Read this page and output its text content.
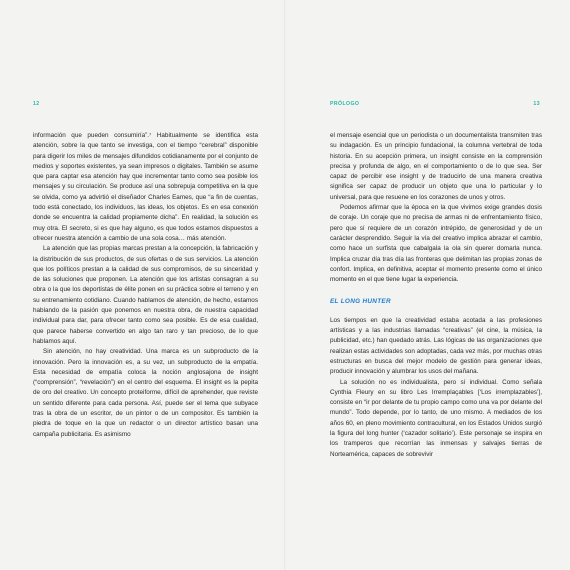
12

información que pueden consumiría”.⁷ Habitualmente se identifica esta atención, sobre la que tanto se investiga, con el tiempo “cerebral” disponible para digerir los miles de mensajes difundidos cotidianamente por el conjunto de medios y soportes existentes, ya sean impresos o digitales. También se asume que para captar esa atención hay que incrementar tanto como sea posible los mensajes y su circulación. Se produce así una sobrepuja competitiva en la que se olvida, como ya advirtió el diseñador Charles Eames, que “a fin de cuentas, todo está conectado, los individuos, las ideas, los objetos. Es en esa conexión donde se encuentra la calidad propiamente dicha”. En realidad, la solución es muy otra. El secreto, si es que hay alguno, es que todos estamos dispuestos a ofrecer nuestra atención a cambio de una sola cosa… más atención.

La atención que las propias marcas prestan a la concepción, la fabricación y la distribución de sus productos, de sus ofertas o de sus servicios. La atención que los políticos prestan a la calidad de sus compromisos, de su sinceridad y de las soluciones que proponen. La atención que los artistas consagran a su obra o la que los deportistas de élite ponen en su práctica sobre el terreno y en su entrenamiento cotidiano. Cuando hablamos de atención, de hecho, estamos hablando de la pasión que ponemos en nuestra obra, de nuestra capacidad individual para dar, para ofrecer tanto como sea posible. Es de esa cualidad, que parece haberse convertido en algo tan raro y tan precioso, de lo que hablamos aquí.

Sin atención, no hay creatividad. Una marca es un subproducto de la innovación. Pero la innovación es, a su vez, un subproducto de la empatía. Esta necesidad de empatía coloca la noción anglosajona de insight (“comprensión”, “revelación”) en el centro del esquema. El insight es la pepita de oro del creativo. Un concepto proteiforme, difícil de aprehender, que reviste un sentido diferente para cada persona. Así, puede ser el tema que subyace tras la obra de un escritor, de un pintor o de un compositor. Es también la piedra de toque en la que un redactor o un director artístico basan una campaña publicitaria. Es asimismo

PRÓLOGO	13

el mensaje esencial que un periodista o un documentalista transmiten tras su indagación. Es un principio fundacional, la columna vertebral de toda historia. En su acepción primera, un insight consiste en la comprensión precisa y profunda de algo, en el comportamiento o de lo que sea. Ser capaz de percibir ese insight y de traducirlo de una manera creativa significa ser capaz de producir un objeto que una lo particular y lo universal, para que resuene en los corazones de unos y otros.

Podemos afirmar que la época en la que vivimos exige grandes dosis de coraje. Un coraje que no precisa de armas ni de enfrentamiento físico, pero que sí requiere de un corazón intrépido, de generosidad y de un carácter desprendido. Seguir la vía del creativo implica abrazar el cambio, como hace un surfista que cabalgala la ola sin querer domarla nunca. Implica cruzar día tras día las fronteras que delimitan las propias zonas de confort. Implica, en definitiva, aceptar el momento presente como el único momento en el que tiene lugar la experiencia.

EL LONG HUNTER

Los tiempos en que la creatividad estaba acotada a las profesiones artísticas y a las industrias llamadas “creativas” (el cine, la música, la publicidad, etc.) han quedado atrás. Las lógicas de las organizaciones que realizan estas actividades son adoptadas, cada vez más, por muchas otras estructuras en busca del mejor modelo de gestión para generar ideas, producir innovación y alumbrar los usos del mañana.

La solución no es individualista, pero sí individual. Como señala Cynthia Fleury en su libro Les Irremplaçables [‘Los irremplazables’], consiste en “ir por delante de tu propio campo como una va por delante del mundo”. Todo depende, por lo tanto, de uno mismo. A mediados de los años 60, en pleno movimiento contracultural, en los Estados Unidos surgió la figura del long hunter (‘cazador solitario’). Este personaje se inspira en los tramperos que recorrían las inmensas y salvajes tierras de Norteamérica, capaces de sobrevivir
